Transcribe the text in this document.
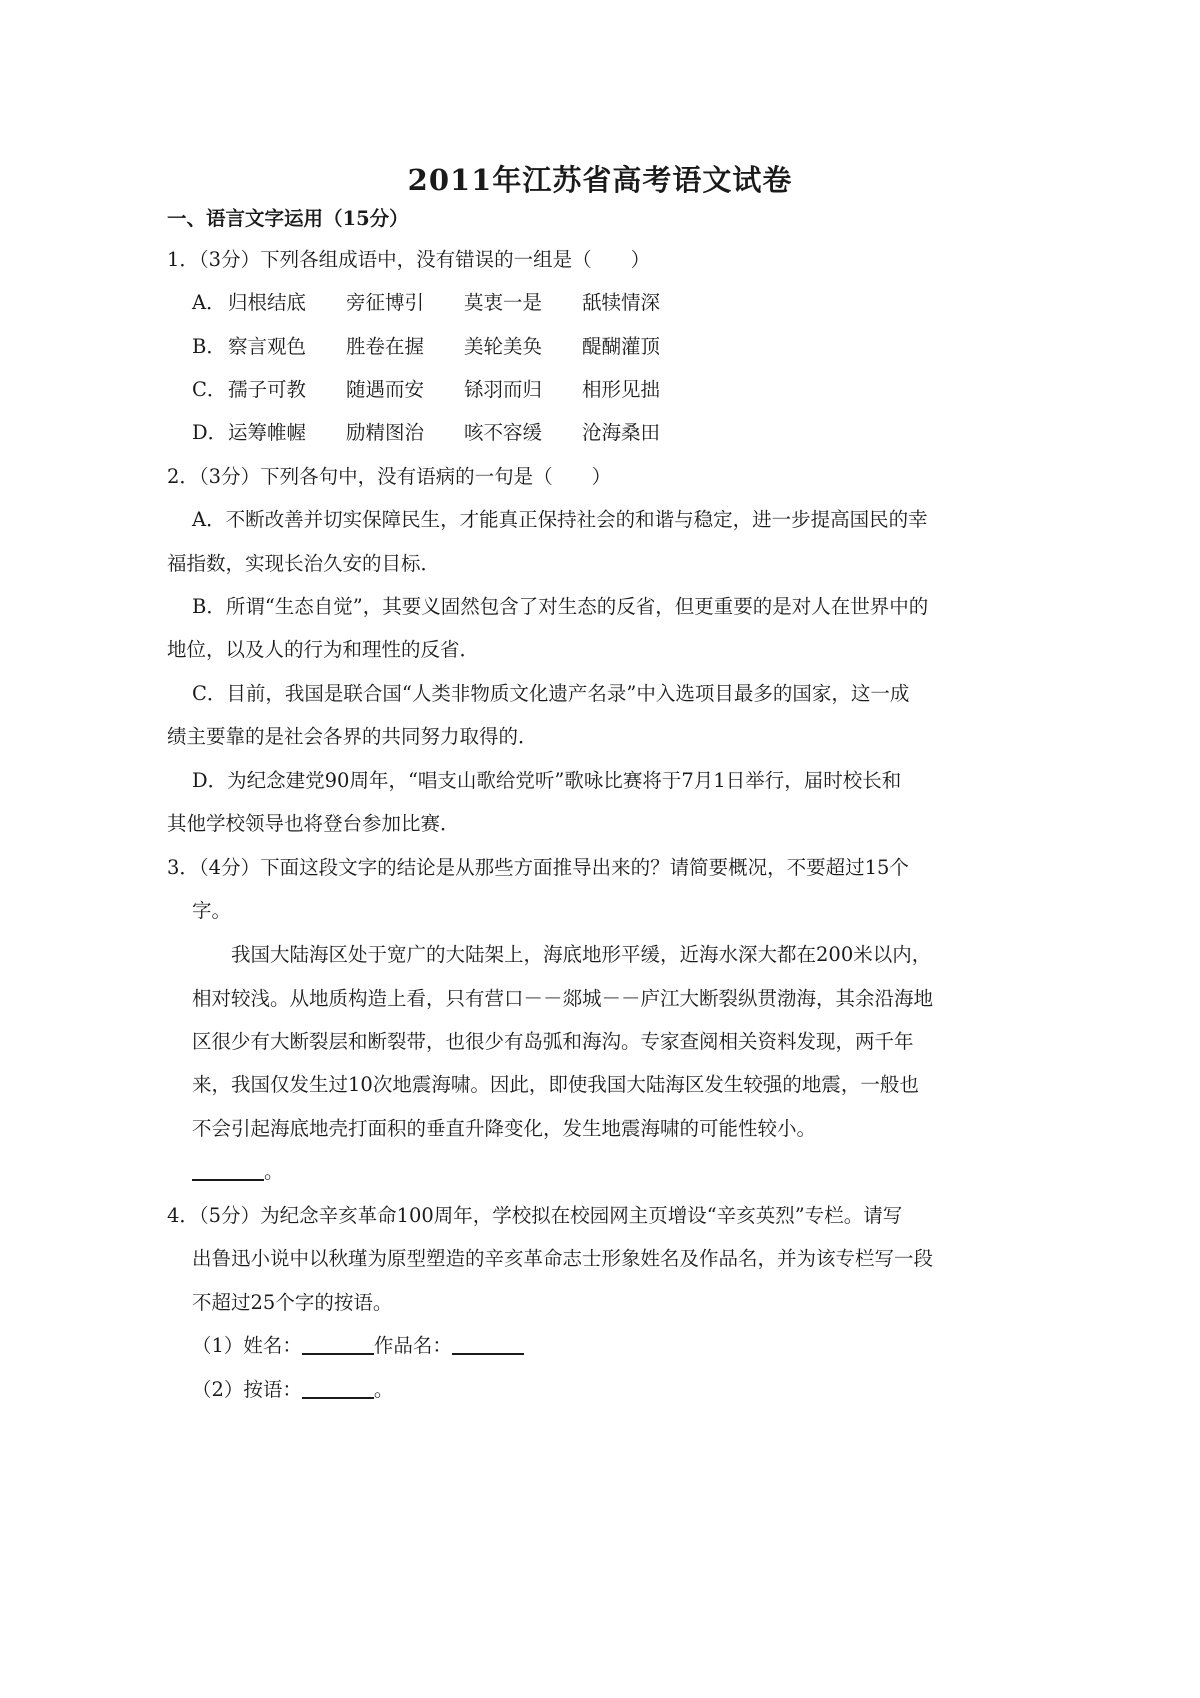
2011年江苏省高考语文试卷
一、语言文字运用（15分）
1．（3分）下列各组成语中，没有错误的一组是（　　）
A． 归根结底 旁征博引 莫衷一是 舐犊情深
B． 察言观色 胜卷在握 美轮美奂 醍醐灌顶
C．孺子可教 随遇而安 铩羽而归 相形见拙
D．运筹帷幄 励精图治 咳不容缓 沧海桑田
2．（3分）下列各句中，没有语病的一句是（　　）
A．不断改善并切实保障民生，才能真正保持社会的和谐与稳定，进一步提高国民的幸
福指数，实现长治久安的目标．
B．所谓“生态自觉”，其要义固然包含了对生态的反省，但更重要的是对人在世界中的
地位，以及人的行为和理性的反省．
C．目前，我国是联合国“人类非物质文化遗产名录”中入选项目最多的国家，这一成
绩主要靠的是社会各界的共同努力取得的．
D．为纪念建党90周年，“唱支山歌给党听”歌咏比赛将于7月1日举行，届时校长和
其他学校领导也将登台参加比赛．
3．（4分）下面这段文字的结论是从那些方面推导出来的？请简要概况，不要超过15个
字。
我国大陆海区处于宽广的大陆架上，海底地形平缓，近海水深大都在200米以内，
相对较浅。从地质构造上看，只有营口－－郯城－－庐江大断裂纵贯渤海，其余沿海地
区很少有大断裂层和断裂带，也很少有岛弧和海沟。专家查阅相关资料发现，两千年
来，我国仅发生过10次地震海啸。因此，即使我国大陆海区发生较强的地震，一般也
不会引起海底地壳打面积的垂直升降变化，发生地震海啸的可能性较小。
。
4．（5分）为纪念辛亥革命100周年，学校拟在校园网主页增设“辛亥英烈”专栏。请写
出鲁迅小说中以秋瑾为原型塑造的辛亥革命志士形象姓名及作品名，并为该专栏写一段
不超过25个字的按语。
（1）姓名：	作品名：
（2）按语：	。
